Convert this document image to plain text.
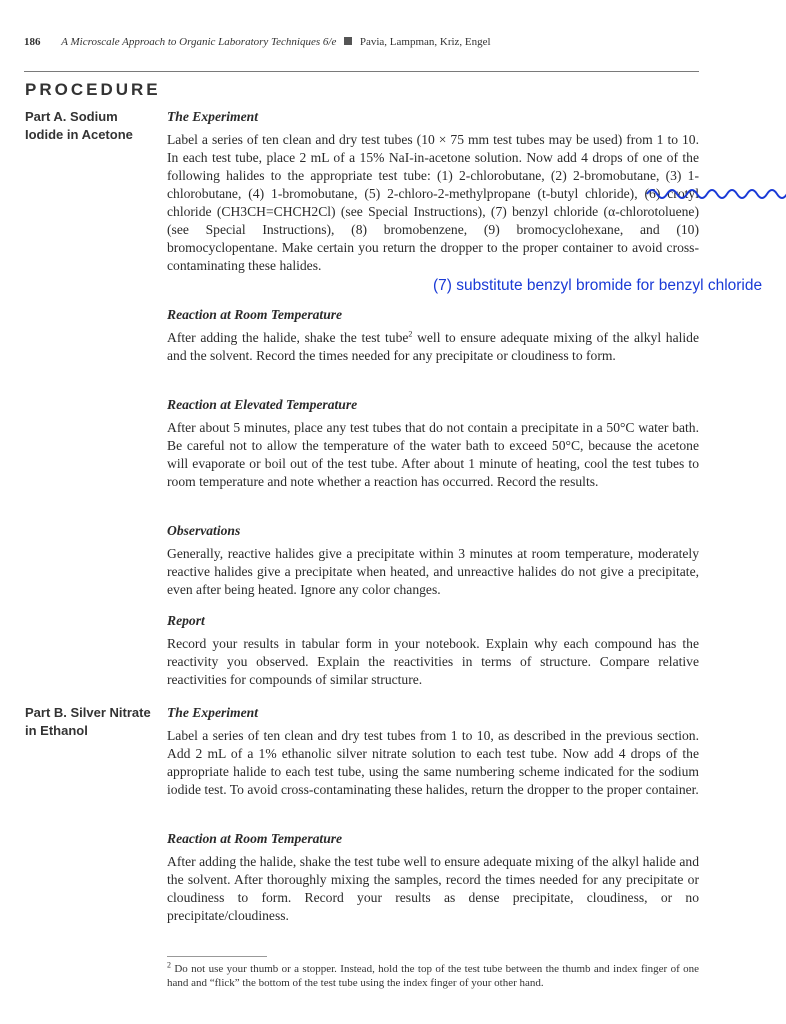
186 A Microscale Approach to Organic Laboratory Techniques 6/e Pavia, Lampman, Kriz, Engel
PROCEDURE
Part A. Sodium
Iodide in Acetone

The Experiment

Label a series of ten clean and dry test tubes (10 × 75 mm test tubes may be used) from 1 to 10. In each test tube, place 2 mL of a 15% NaI-in-acetone solution. Now add 4 drops of one of the following halides to the appropriate test tube: (1) 2-chlorobutane, (2) 2-bromobutane, (3) 1-chlorobutane, (4) 1-bromobutane, (5) 2-chloro-2-methylpropane (t-butyl chloride), (6) crotyl chloride (CH3CH=CHCH2Cl) (see Special Instructions)
, (7) benzyl chloride (α-chlorotoluene) (see Special Instructions), (8) bromobenzene, (9) bromocyclohexane, and (10) bromocyclopentane. Make certain you return the dropper to the proper container to avoid cross-contaminating these halides.

(7) substitute benzyl bromide for benzyl chloride

Reaction at Room Temperature

After adding the halide, shake the test tube$^2$ well to ensure adequate mixing of the alkyl halide and the solvent. Record the times needed for any precipitate or cloudiness to form.

Reaction at Elevated Temperature

After about 5 minutes, place any test tubes that do not contain a precipitate in a 50°C water bath. Be careful not to allow the temperature of the water bath to exceed 50°C, because the acetone will evaporate or boil out of the test tube. After about 1 minute of heating, cool the test tubes to room temperature and note whether a reaction has occurred. Record the results.

Observations

Generally, reactive halides give a precipitate within 3 minutes at room temperature, moderately reactive halides give a precipitate when heated, and unreactive halides do not give a precipitate, even after being heated. Ignore any color changes.

Report

Record your results in tabular form in your notebook. Explain why each compound has the reactivity you observed. Explain the reactivities in terms of structure. Compare relative reactivities for compounds of similar structure.

Part B. Silver Nitrate
in Ethanol

The Experiment

Label a series of ten clean and dry test tubes from 1 to 10, as described in the previous section. Add 2 mL of a 1% ethanolic silver nitrate solution to each test tube. Now add 4 drops of the appropriate halide to each test tube, using the same numbering scheme indicated for the sodium iodide test. To avoid cross-contaminating these halides, return the dropper to the proper container.

Reaction at Room Temperature

After adding the halide, shake the test tube well to ensure adequate mixing of the alkyl halide and the solvent. After thoroughly mixing the samples, record the times needed for any precipitate or cloudiness to form. Record your results as dense precipitate, cloudiness, or no precipitate/cloudiness.

$^2$ Do not use your thumb or a stopper. Instead, hold the top of the test tube between the thumb and index finger of one hand and “flick” the bottom of the test tube using the index finger of your other hand.
